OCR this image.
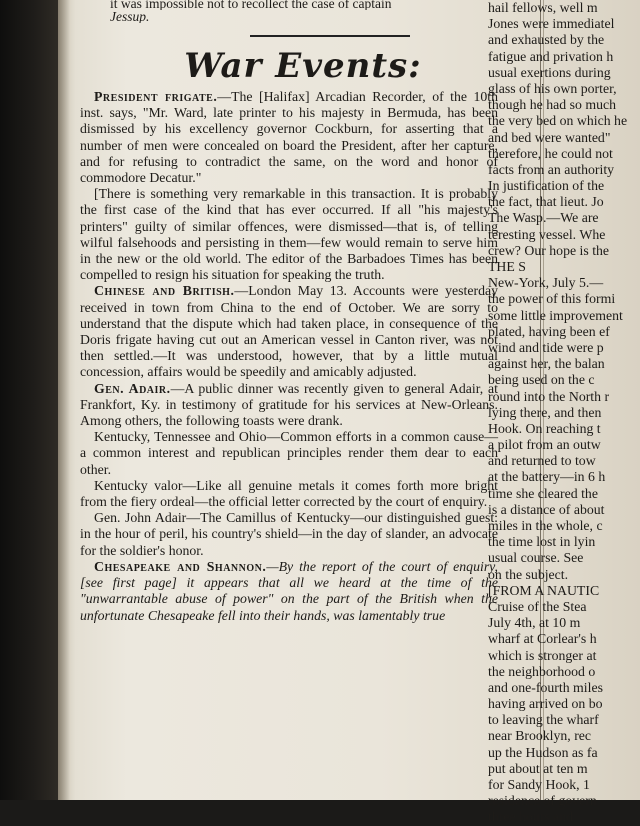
it was impossible not to recollect the case of captain
Jessup.
War Events:

President frigate.—The [Halifax] Arcadian Recorder, of the 10th inst. says, "Mr. Ward, late printer to his majesty in Bermuda, has been dismissed by his excellency governor Cockburn, for asserting that a number of men were concealed on board the President, after her capture, and for refusing to contradict the same, on the word and honor of commodore Decatur."

[There is something very remarkable in this transaction. It is probably the first case of the kind that has ever occurred. If all "his majesty's printers" guilty of similar offences, were dismissed—that is, of telling wilful falsehoods and persisting in them—few would remain to serve him in the new or the old world. The editor of the Barbadoes Times has been compelled to resign his situation for speaking the truth.

Chinese and British.—London May 13. Accounts were yesterday received in town from China to the end of October. We are sorry to understand that the dispute which had taken place, in consequence of the Doris frigate having cut out an American vessel in Canton river, was not then settled.—It was understood, however, that by a little mutual concession, affairs would be speedily and amicably adjusted.

Gen. Adair.—A public dinner was recently given to general Adair, at Frankfort, Ky. in testimony of gratitude for his services at New-Orleans. Among others, the following toasts were drank.

Kentucky, Tennessee and Ohio—Common efforts in a common cause—a common interest and republican principles render them dear to each other.

Kentucky valor—Like all genuine metals it comes forth more bright from the fiery ordeal—the official letter corrected by the court of enquiry.

Gen. John Adair—The Camillus of Kentucky—our distinguished guest: in the hour of peril, his country's shield—in the day of slander, an advocate for the soldier's honor.

Chesapeake and Shannon.—By the report of the court of enquiry, [see first page] it appears that all we heard at the time of the "unwarrantable abuse of power" on the part of the British when the unfortunate Chesapeake fell into their hands, was lamentably true

hail fellows, well m
Jones were immediatel
and exhausted by the
fatigue and privation h
usual exertions during
glass of his own porter,
though he had so much
the very bed on which he
and bed were wanted"
therefore, he could not
facts from an authority
In justification of the
the fact, that lieut. Jo
The Wasp.—We are
teresting vessel. Whe
crew? Our hope is the
THE S
New-York, July 5.—
the power of this formi
some little improvement
plated, having been ef
wind and tide were p
against her, the balan
being used on the c
round into the North r
lying there, and then
Hook. On reaching t
a pilot from an outw
and returned to tow
at the battery—in 6 h
time she cleared the
is a distance of about
miles in the whole, c
the time lost in lyin
usual course. See
on the subject.
[FROM A NAUTIC
Cruise of the Stea
July 4th, at 10 m
wharf at Corlear's h
which is stronger at
the neighborhood o
and one-fourth miles
having arrived on bo
to leaving the wharf
near Brooklyn, rec
up the Hudson as fa
put about at ten m
for Sandy Hook, 1
residence of govern
three hours and
